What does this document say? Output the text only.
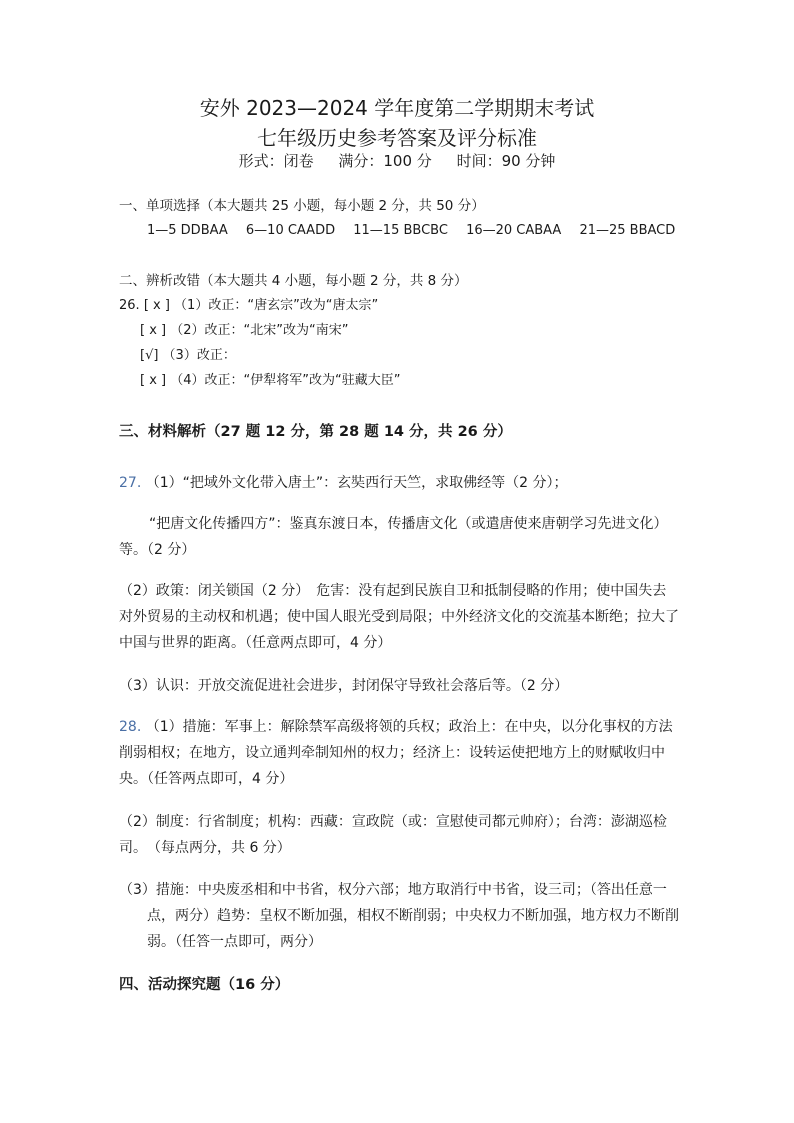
安外 2023—2024 学年度第二学期期末考试
七年级历史参考答案及评分标准
形式：闭卷 满分：100 分 时间：90 分钟
一、单项选择（本大题共 25 小题，每小题 2 分，共 50 分）
1—5 DDBAA 6—10 CAADD 11—15 BBCBC 16—20 CABAA 21—25 BBACD
二、辨析改错（本大题共 4 小题，每小题 2 分，共 8 分）
26. [ x ] （1）改正：“唐玄宗”改为“唐太宗”
[ x ] （2）改正：“北宋”改为“南宋”
[√] （3）改正：
[ x ] （4）改正：“伊犁将军”改为“驻藏大臣”
三、材料解析（27 题 12 分，第 28 题 14 分，共 26 分）
27. （1）“把域外文化带入唐土”：玄奘西行天竺，求取佛经等（2 分）；
“把唐文化传播四方”：鉴真东渡日本，传播唐文化（或遣唐使来唐朝学习先进文化）等。（2 分）
（2）政策：闭关锁国（2 分）　危害：没有起到民族自卫和抵制侵略的作用；使中国失去对外贸易的主动权和机遇；使中国人眼光受到局限；中外经济文化的交流基本断绝；拉大了中国与世界的距离。（任意两点即可，4 分）
（3）认识：开放交流促进社会进步，封闭保守导致社会落后等。（2 分）
28. （1）措施：军事上：解除禁军高级将领的兵权；政治上：在中央，以分化事权的方法削弱相权；在地方，设立通判牵制知州的权力；经济上：设转运使把地方上的财赋收归中央。（任答两点即可，4 分）
（2）制度：行省制度；机构：西藏：宣政院（或：宣慰使司都元帅府）；台湾：澎湖巡检司。　（每点两分，共 6 分）
（3）措施：中央废丞相和中书省，权分六部；地方取消行中书省，设三司；（答出任意一
点，两分）趋势：皇权不断加强，相权不断削弱；中央权力不断加强，地方权力不断削弱。（任答一点即可，两分）
四、活动探究题（16 分）
